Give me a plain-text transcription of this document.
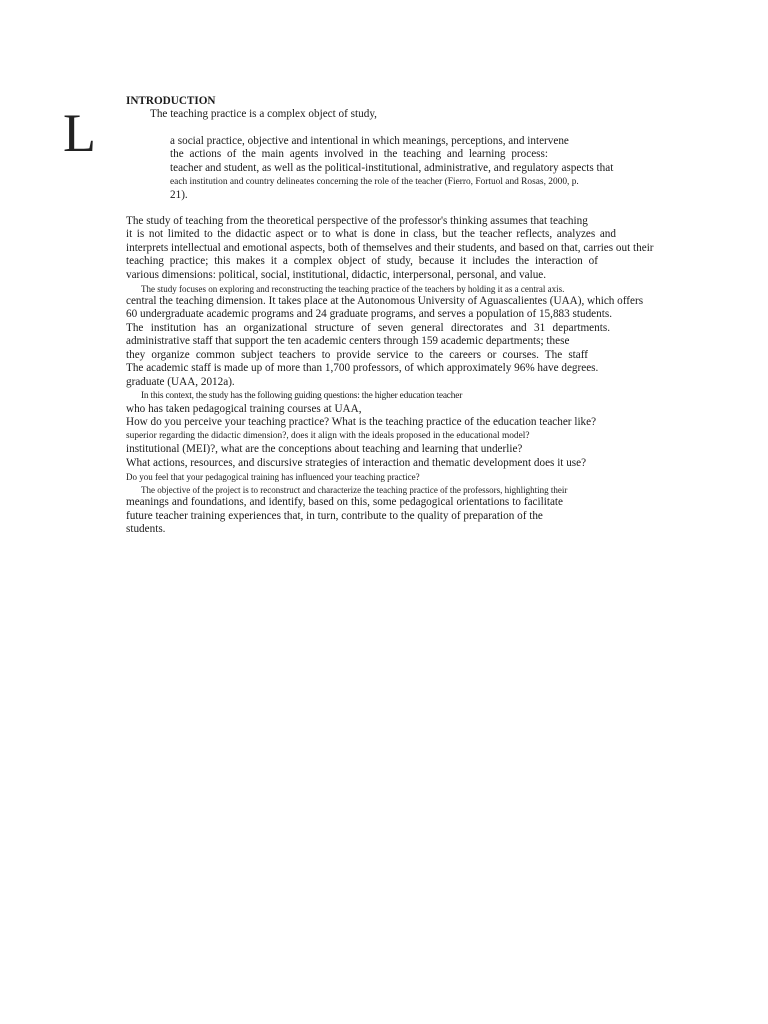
L
INTRODUCTION
The teaching practice is a complex object of study,
a social practice, objective and intentional in which meanings, perceptions, and intervene
the actions of the main agents involved in the teaching and learning process:
teacher and student, as well as the political-institutional, administrative, and regulatory aspects that
each institution and country delineates concerning the role of the teacher (Fierro, Fortuol and Rosas, 2000, p.
21).
The study of teaching from the theoretical perspective of the professor's thinking assumes that teaching
it is not limited to the didactic aspect or to what is done in class, but the teacher reflects, analyzes and
interprets intellectual and emotional aspects, both of themselves and their students, and based on that, carries out their
teaching practice; this makes it a complex object of study, because it includes the interaction of
various dimensions: political, social, institutional, didactic, interpersonal, personal, and value.
The study focuses on exploring and reconstructing the teaching practice of the teachers by holding it as a central axis.
central the teaching dimension. It takes place at the Autonomous University of Aguascalientes (UAA), which offers
60 undergraduate academic programs and 24 graduate programs, and serves a population of 15,883 students.
The institution has an organizational structure of seven general directorates and 31 departments.
administrative staff that support the ten academic centers through 159 academic departments; these
they organize common subject teachers to provide service to the careers or courses. The staff
The academic staff is made up of more than 1,700 professors, of which approximately 96% have degrees.
graduate (UAA, 2012a).
In this context, the study has the following guiding questions: the higher education teacher
who has taken pedagogical training courses at UAA,
How do you perceive your teaching practice? What is the teaching practice of the education teacher like?
superior regarding the didactic dimension?, does it align with the ideals proposed in the educational model?
institutional (MEI)?, what are the conceptions about teaching and learning that underlie?
What actions, resources, and discursive strategies of interaction and thematic development does it use?
Do you feel that your pedagogical training has influenced your teaching practice?
The objective of the project is to reconstruct and characterize the teaching practice of the professors, highlighting their
meanings and foundations, and identify, based on this, some pedagogical orientations to facilitate
future teacher training experiences that, in turn, contribute to the quality of preparation of the
students.
